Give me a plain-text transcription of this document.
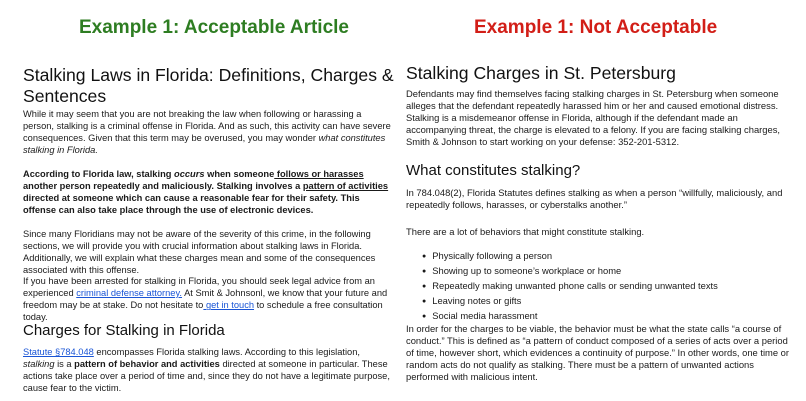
Example 1: Acceptable Article
Stalking Laws in Florida: Definitions, Charges &
Sentences

While it may seem that you are not breaking the law when following or harassing a person, stalking is a criminal offense in Florida. And as such, this activity can have severe consequences. Given that this term may be overused, you may wonder what constitutes stalking in Florida.

According to Florida law, stalking occurs when someone follows or harasses another person repeatedly and maliciously. Stalking involves a pattern of activities directed at someone which can cause a reasonable fear for their safety. This offense can also take place through the use of electronic devices.

Since many Floridians may not be aware of the severity of this crime, in the following sections, we will provide you with crucial information about stalking laws in Florida. Additionally, we will explain what these charges mean and some of the consequences associated with this offense.

If you have been arrested for stalking in Florida, you should seek legal advice from an experienced criminal defense attorney. At Smit & Johnsonl, we know that your future and freedom may be at stake. Do not hesitate to get in touch to schedule a free consultation today.

Charges for Stalking in Florida

Statute §784.048 encompasses Florida stalking laws. According to this legislation, stalking is a pattern of behavior and activities directed at someone in particular. These actions take place over a period of time and, since they do not have a legitimate purpose, cause fear to the victim.

Example 1: Not Acceptable
Stalking Charges in St. Petersburg

Defendants may find themselves facing stalking charges in St. Petersburg when someone alleges that the defendant repeatedly harassed him or her and caused emotional distress. Stalking is a misdemeanor offense in Florida, although if the defendant made an accompanying threat, the charge is elevated to a felony. If you are facing stalking charges, Smith & Johnson to start working on your defense: 352-201-5312.

What constitutes stalking?

In 784.048(2), Florida Statutes defines stalking as when a person “willfully, maliciously, and repeatedly follows, harasses, or cyberstalks another.”

There are a lot of behaviors that might constitute stalking.

● Physically following a person
● Showing up to someone’s workplace or home
● Repeatedly making unwanted phone calls or sending unwanted texts
● Leaving notes or gifts
● Social media harassment

In order for the charges to be viable, the behavior must be what the state calls “a course of conduct.” This is defined as “a pattern of conduct composed of a series of acts over a period of time, however short, which evidences a continuity of purpose.” In other words, one time or random acts do not qualify as stalking. There must be a pattern of unwanted actions performed with malicious intent.
